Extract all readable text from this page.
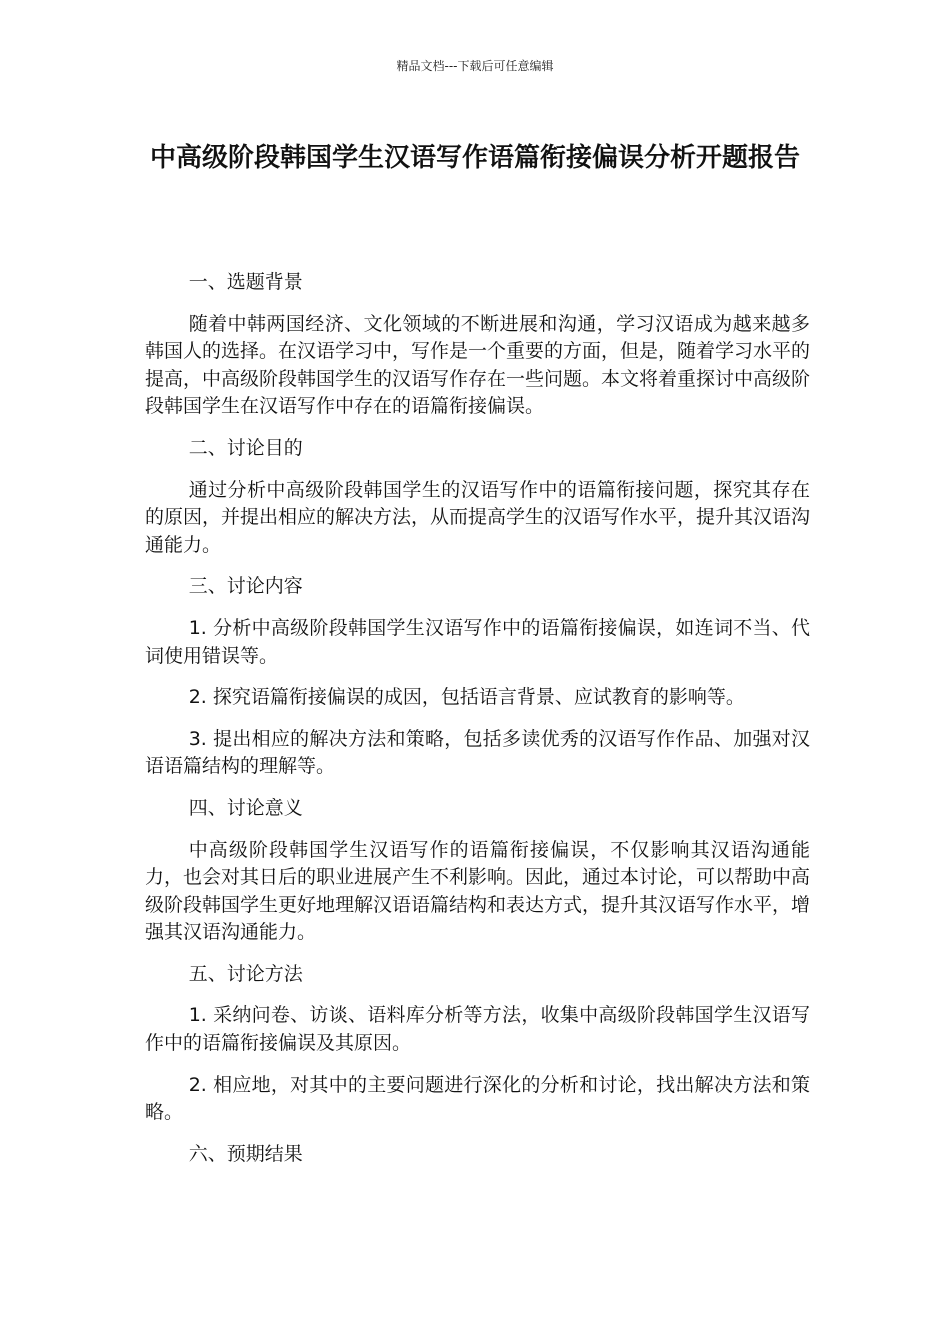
精品文档---下载后可任意编辑
中高级阶段韩国学生汉语写作语篇衔接偏误分析开题报告

一、选题背景

随着中韩两国经济、文化领域的不断进展和沟通，学习汉语成为越来越多韩国人的选择。在汉语学习中，写作是一个重要的方面，但是，随着学习水平的提高，中高级阶段韩国学生的汉语写作存在一些问题。本文将着重探讨中高级阶段韩国学生在汉语写作中存在的语篇衔接偏误。

二、讨论目的

通过分析中高级阶段韩国学生的汉语写作中的语篇衔接问题，探究其存在的原因，并提出相应的解决方法，从而提高学生的汉语写作水平，提升其汉语沟通能力。

三、讨论内容

1. 分析中高级阶段韩国学生汉语写作中的语篇衔接偏误，如连词不当、代词使用错误等。

2. 探究语篇衔接偏误的成因，包括语言背景、应试教育的影响等。

3. 提出相应的解决方法和策略，包括多读优秀的汉语写作作品、加强对汉语语篇结构的理解等。

四、讨论意义

中高级阶段韩国学生汉语写作的语篇衔接偏误，不仅影响其汉语沟通能力，也会对其日后的职业进展产生不利影响。因此，通过本讨论，可以帮助中高级阶段韩国学生更好地理解汉语语篇结构和表达方式，提升其汉语写作水平，增强其汉语沟通能力。

五、讨论方法

1. 采纳问卷、访谈、语料库分析等方法，收集中高级阶段韩国学生汉语写作中的语篇衔接偏误及其原因。

2. 相应地，对其中的主要问题进行深化的分析和讨论，找出解决方法和策略。

六、预期结果
